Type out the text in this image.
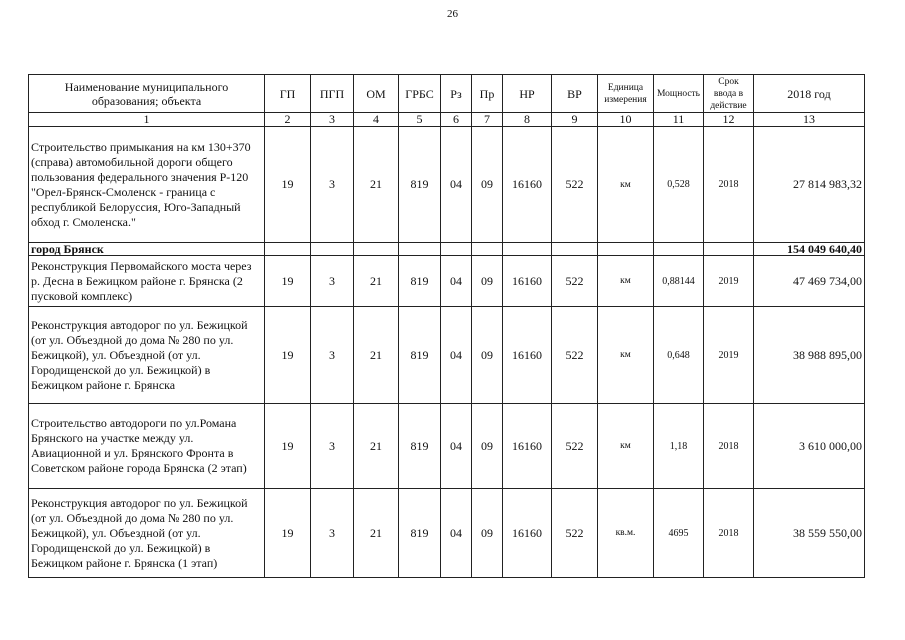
26
Наименование муниципального образования; объекта	ГП	ПГП	ОМ	ГРБС	Рз	Пр	НР	ВР	Единица измерения	Мощность	Срок ввода в действие	2018 год
1	2	3	4	5	6	7	8	9	10	11	12	13
Строительство примыкания на км 130+370 (справа) автомобильной дороги общего пользования федерального значения Р-120 "Орел-Брянск-Смоленск - граница с республикой Белоруссия, Юго-Западный обход г. Смоленска."	19	3	21	819	04	09	16160	522	км	0,528	2018	27 814 983,32
город Брянск												154 049 640,40
Реконструкция Первомайского моста через р. Десна в Бежицком районе г. Брянска (2 пусковой комплекс)	19	3	21	819	04	09	16160	522	км	0,88144	2019	47 469 734,00
Реконструкция автодорог по ул. Бежицкой (от ул. Объездной до дома № 280 по ул. Бежицкой), ул. Объездной (от ул. Городищенской до ул. Бежицкой) в Бежицком районе г. Брянска	19	3	21	819	04	09	16160	522	км	0,648	2019	38 988 895,00
Строительство автодороги по ул.Романа Брянского на участке между ул. Авиационной и ул. Брянского Фронта в Советском районе города Брянска (2 этап)	19	3	21	819	04	09	16160	522	км	1,18	2018	3 610 000,00
Реконструкция автодорог по ул. Бежицкой (от ул. Объездной до дома № 280 по ул. Бежицкой), ул. Объездной (от ул. Городищенской до ул. Бежицкой) в Бежицком районе г. Брянска (1 этап)	19	3	21	819	04	09	16160	522	кв.м.	4695	2018	38 559 550,00
